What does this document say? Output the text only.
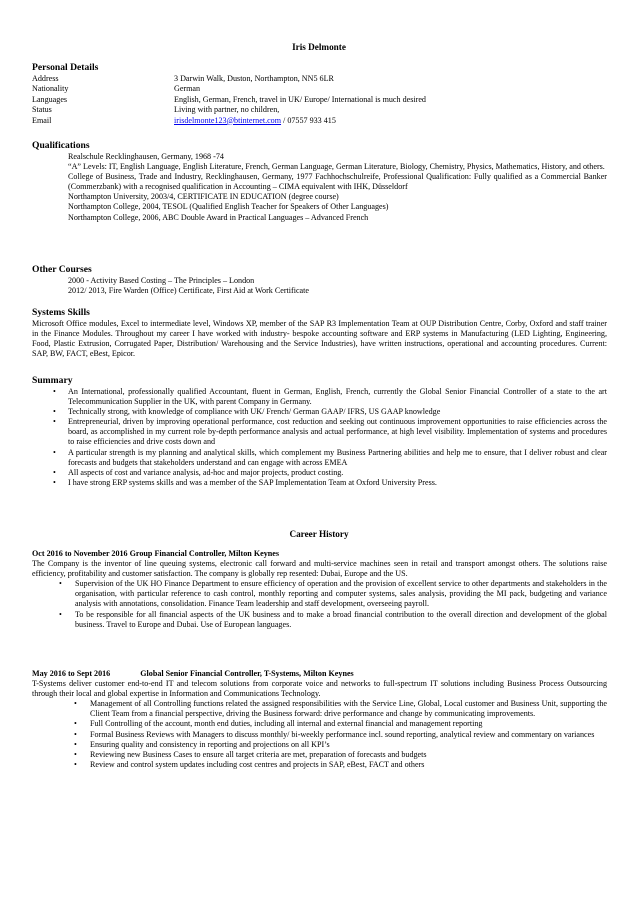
Iris Delmonte
Personal Details
Address	3 Darwin Walk, Duston, Northampton, NN5 6LR
Nationality	German
Languages	English, German, French, travel in UK/ Europe/ International is much desired
Status	Living with partner, no children,
Email	irisdelmonte123@btinternet.com / 07557 933 415
Qualifications
Realschule Recklinghausen, Germany, 1968 -74
“A” Levels: IT, English Language, English Literature, French, German Language, German Literature, Biology, Chemistry, Physics, Mathematics, History, and others.
College of Business, Trade and Industry, Recklinghausen, Germany, 1977 Fachhochschulreife, Professional Qualification: Fully qualified as a Commercial Banker (Commerzbank) with a recognised qualification in Accounting – CIMA equivalent with IHK, Düsseldorf
Northampton University, 2003/4, CERTIFICATE IN EDUCATION (degree course)
Northampton College, 2004, TESOL (Qualified English Teacher for Speakers of Other Languages)
Northampton College, 2006, ABC Double Award in Practical Languages – Advanced French
Other Courses
2000 - Activity Based Costing – The Principles – London
2012/ 2013, Fire Warden (Office) Certificate, First Aid at Work Certificate
Systems Skills
Microsoft Office modules, Excel to intermediate level, Windows XP, member of the SAP R3 Implementation Team at OUP Distribution Centre, Corby, Oxford and staff trainer in the Finance Modules. Throughout my career I have worked with industry- bespoke accounting software and ERP systems in Manufacturing (LED Lighting, Engineering, Food, Plastic Extrusion, Corrugated Paper, Distribution/ Warehousing and the Service Industries), have written instructions, operational and accounting procedures. Current: SAP, BW, FACT, eBest, Epicor.
Summary
• An International, professionally qualified Accountant, fluent in German, English, French, currently the Global Senior Financial Controller of a state to the art Telecommunication Supplier in the UK, with parent Company in Germany.
• Technically strong, with knowledge of compliance with UK/ French/ German GAAP/ IFRS, US GAAP knowledge
• Entrepreneurial, driven by improving operational performance, cost reduction and seeking out continuous improvement opportunities to raise efficiencies across the board, as accomplished in my current role by-depth performance analysis and actual performance, at high level visibility. Implementation of systems and procedures to raise efficiencies and drive costs down and
• A particular strength is my planning and analytical skills, which complement my Business Partnering abilities and help me to ensure, that I deliver robust and clear forecasts and budgets that stakeholders understand and can engage with across EMEA
• All aspects of cost and variance analysis, ad-hoc and major projects, product costing.
• I have strong ERP systems skills and was a member of the SAP Implementation Team at Oxford University Press.
Career History
Oct 2016 to November 2016 Group Financial Controller, Milton Keynes
The Company is the inventor of line queuing systems, electronic call forward and multi-service machines seen in retail and transport amongst others. The solutions raise efficiency, profitability and customer satisfaction. The company is globally rep resented: Dubai, Europe and the US.
• Supervision of the UK HO Finance Department to ensure efficiency of operation and the provision of excellent service to other departments and stakeholders in the organisation, with particular reference to cash control, monthly reporting and computer systems, sales analysis, providing the MI pack, budgeting and variance analysis with annotations, consolidation. Finance Team leadership and staff development, overseeing payroll.
• To be responsible for all financial aspects of the UK business and to make a broad financial contribution to the overall direction and development of the global business. Travel to Europe and Dubai. Use of European languages.
May 2016 to Sept 2016	Global Senior Financial Controller, T-Systems, Milton Keynes
T-Systems deliver customer end-to-end IT and telecom solutions from corporate voice and networks to full-spectrum IT solutions including Business Process Outsourcing through their local and global expertise in Information and Communications Technology.
• Management of all Controlling functions related the assigned responsibilities with the Service Line, Global, Local customer and Business Unit, supporting the Client Team from a financial perspective, driving the Business forward: drive performance and change by communicating improvements.
• Full Controlling of the account, month end duties, including all internal and external financial and management reporting
• Formal Business Reviews with Managers to discuss monthly/ bi-weekly performance incl. sound reporting, analytical review and commentary on variances
• Ensuring quality and consistency in reporting and projections on all KPI’s
• Reviewing new Business Cases to ensure all target criteria are met, preparation of forecasts and budgets
• Review and control system updates including cost centres and projects in SAP, eBest, FACT and others
